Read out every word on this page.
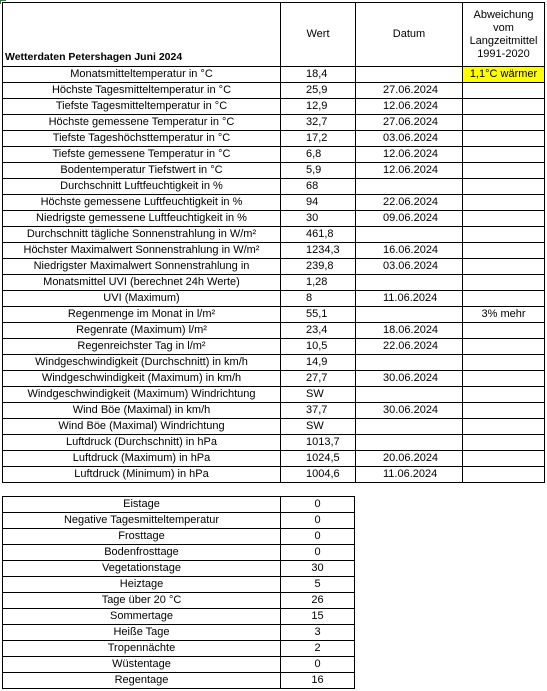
Wetterdaten Petershagen Juni 2024	Wert	Datum	Abweichung
vom
Langzeitmittel
1991-2020

Monatsmitteltemperatur in °C	18,4		1,1°C wärmer
Höchste Tagesmitteltemperatur in °C	25,9	27.06.2024	
Tiefste Tagesmitteltemperatur in °C	12,9	12.06.2024	
Höchste gemessene Temperatur in °C	32,7	27.06.2024	
Tiefste Tageshöchsttemperatur in °C	17,2	03.06.2024	
Tiefste gemessene Temperatur in °C	6,8	12.06.2024	
Bodentemperatur Tiefstwert in °C	5,9	12.06.2024	
Durchschnitt Luftfeuchtigkeit in %	68		
Höchste gemessene Luftfeuchtigkeit in %	94	22.06.2024	
Niedrigste gemessene Luftfeuchtigkeit in %	30	09.06.2024	
Durchschnitt tägliche Sonnenstrahlung in W/m²	461,8		
Höchster Maximalwert Sonnenstrahlung in W/m²	1234,3	16.06.2024	
Niedrigster Maximalwert Sonnenstrahlung in	239,8	03.06.2024	
Monatsmittel UVI (berechnet 24h Werte)	1,28		
UVI (Maximum)	8	11.06.2024	
Regenmenge im Monat in l/m²	55,1		3% mehr
Regenrate (Maximum) l/m²	23,4	18.06.2024	
Regenreichster Tag in l/m²	10,5	22.06.2024	
Windgeschwindigkeit (Durchschnitt) in km/h	14,9		
Windgeschwindigkeit (Maximum) in km/h	27,7	30.06.2024	
Windgeschwindigkeit (Maximum) Windrichtung	SW		
Wind Böe (Maximal) in km/h	37,7	30.06.2024	
Wind Böe (Maximal) Windrichtung	SW		
Luftdruck (Durchschnitt) in hPa	1013,7		
Luftdruck (Maximum) in hPa	1024,5	20.06.2024	
Luftdruck (Minimum) in hPa	1004,6	11.06.2024	
Eistage	0
Negative Tagesmitteltemperatur	0
Frosttage	0
Bodenfrosttage	0
Vegetationstage	30
Heiztage	5
Tage über 20 °C	26
Sommertage	15
Heiße Tage	3
Tropennächte	2
Wüstentage	0
Regentage	16
